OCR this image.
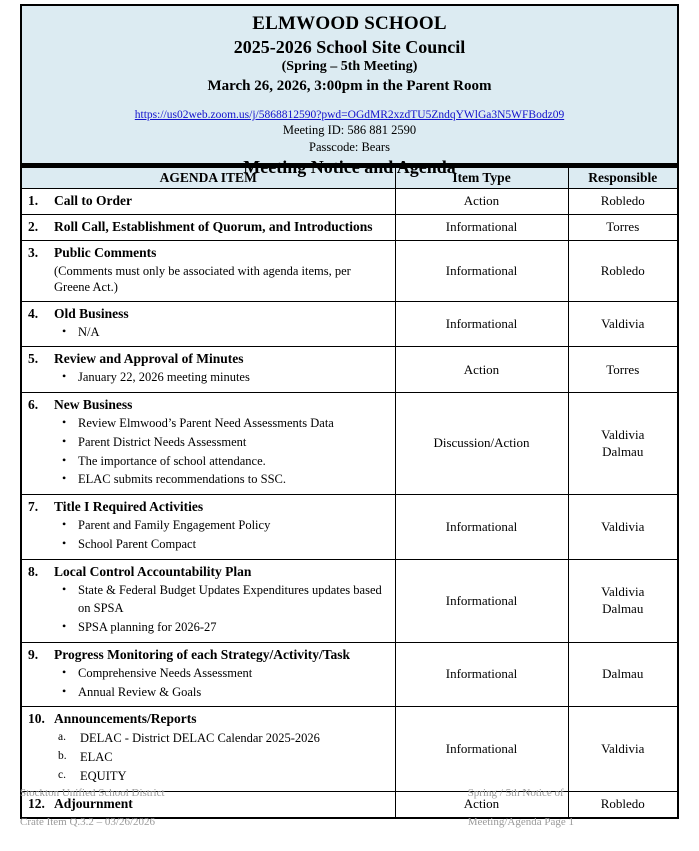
ELMWOOD SCHOOL
2025-2026 School Site Council
(Spring – 5th Meeting)
March 26, 2026, 3:00pm in the Parent Room
https://us02web.zoom.us/j/5868812590?pwd=OGdMR2xzdTU5ZndqYWlGa3N5WFBodz09
Meeting ID: 586 881 2590
Passcode: Bears
Meeting Notice and Agenda
AGENDA ITEM	Item Type	Responsible

1. Call to Order	Action	Robledo

2. Roll Call, Establishment of Quorum, and Introductions	Informational	Torres

3. Public Comments
(Comments must only be associated with agenda items, per Greene Act.)	Informational	Robledo

4.	Old Business
• N/A
	Informational	Valdivia

5.	Review and Approval of Minutes
• January 22, 2026 meeting minutes
	Action	Torres

6.	New Business
• Review Elmwood’s Parent Need Assessments Data
• Parent District Needs Assessment
• The importance of school attendance.
• ELAC submits recommendations to SSC.
	Discussion/Action	
Valdivia
Dalmau

7.	Title I Required Activities
• Parent and Family Engagement Policy
• School Parent Compact
	Informational	Valdivia

8.	Local Control Accountability Plan
• State & Federal Budget Updates Expenditures updates based on SPSA
• SPSA planning for 2026-27
	Informational	
Valdivia
Dalmau

9.	Progress Monitoring of each Strategy/Activity/Task
• Comprehensive Needs Assessment
• Annual Review & Goals
	Informational	Dalmau

10. Announcements/Reports
a. DELAC - District DELAC Calendar 2025-2026
b. ELAC
c. EQUITY
	Informational	Valdivia

12. Adjournment	Action	Robledo

Stockton Unified School District

Crate Item Q.3.2 – 03/26/2026

Spring / 5th Notice of

Meeting/Agenda Page 1
